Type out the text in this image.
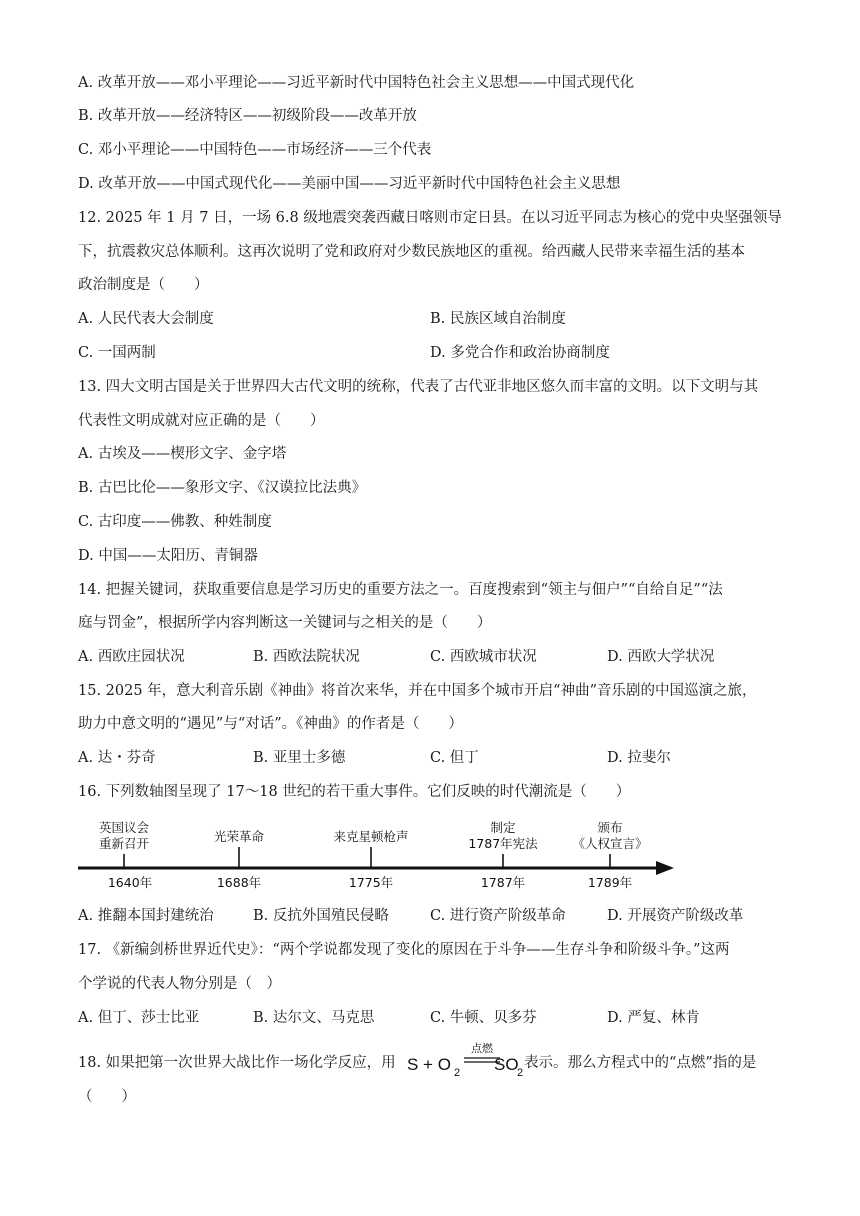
A. 改革开放——邓小平理论——习近平新时代中国特色社会主义思想——中国式现代化
B. 改革开放——经济特区——初级阶段——改革开放
C. 邓小平理论——中国特色——市场经济——三个代表
D. 改革开放——中国式现代化——美丽中国——习近平新时代中国特色社会主义思想
12. 2025 年 1 月 7 日，一场 6.8 级地震突袭西藏日喀则市定日县。在以习近平同志为核心的党中央坚强领导
下，抗震救灾总体顺利。这再次说明了党和政府对少数民族地区的重视。给西藏人民带来幸福生活的基本
政治制度是（　　）
A. 人民代表大会制度	B. 民族区域自治制度
C. 一国两制	D. 多党合作和政治协商制度
13. 四大文明古国是关于世界四大古代文明的统称，代表了古代亚非地区悠久而丰富的文明。以下文明与其
代表性文明成就对应正确的是（　　）
A. 古埃及——楔形文字、金字塔
B. 古巴比伦——象形文字、《汉谟拉比法典》
C. 古印度——佛教、种姓制度
D. 中国——太阳历、青铜器
14. 把握关键词，获取重要信息是学习历史的重要方法之一。百度搜索到“领主与佃户”“自给自足”“法
庭与罚金”，根据所学内容判断这一关键词与之相关的是（　　）
A. 西欧庄园状况	B. 西欧法院状况	C. 西欧城市状况	D. 西欧大学状况
15. 2025 年，意大利音乐剧《神曲》将首次来华，并在中国多个城市开启“神曲”音乐剧的中国巡演之旅，
助力中意文明的“遇见”与“对话”。《神曲》的作者是（　　）
A. 达・芬奇	B. 亚里士多德	C. 但丁	D. 拉斐尔
16. 下列数轴图呈现了 17～18 世纪的若干重大事件。它们反映的时代潮流是（　　）
英国议会
重新召开
1640年
光荣革命
1688年
来克星顿枪声
1775年
制定
1787年宪法
1787年
颁布
《人权宣言》
1789年
A. 推翻本国封建统治	B. 反抗外国殖民侵略	C. 进行资产阶级革命	D. 开展资产阶级改革
17. 《新编剑桥世界近代史》：“两个学说都发现了变化的原因在于斗争——生存斗争和阶级斗争。”这两
个学说的代表人物分别是（　）
A. 但丁、莎士比亚	B. 达尔文、马克思	C. 牛顿、贝多芬	D. 严复、林肯
18. 如果把第一次世界大战比作一场化学反应，用 S + O 2
点燃
SO
2
表示。那么方程式中的“点燃”指的是
（　　）
